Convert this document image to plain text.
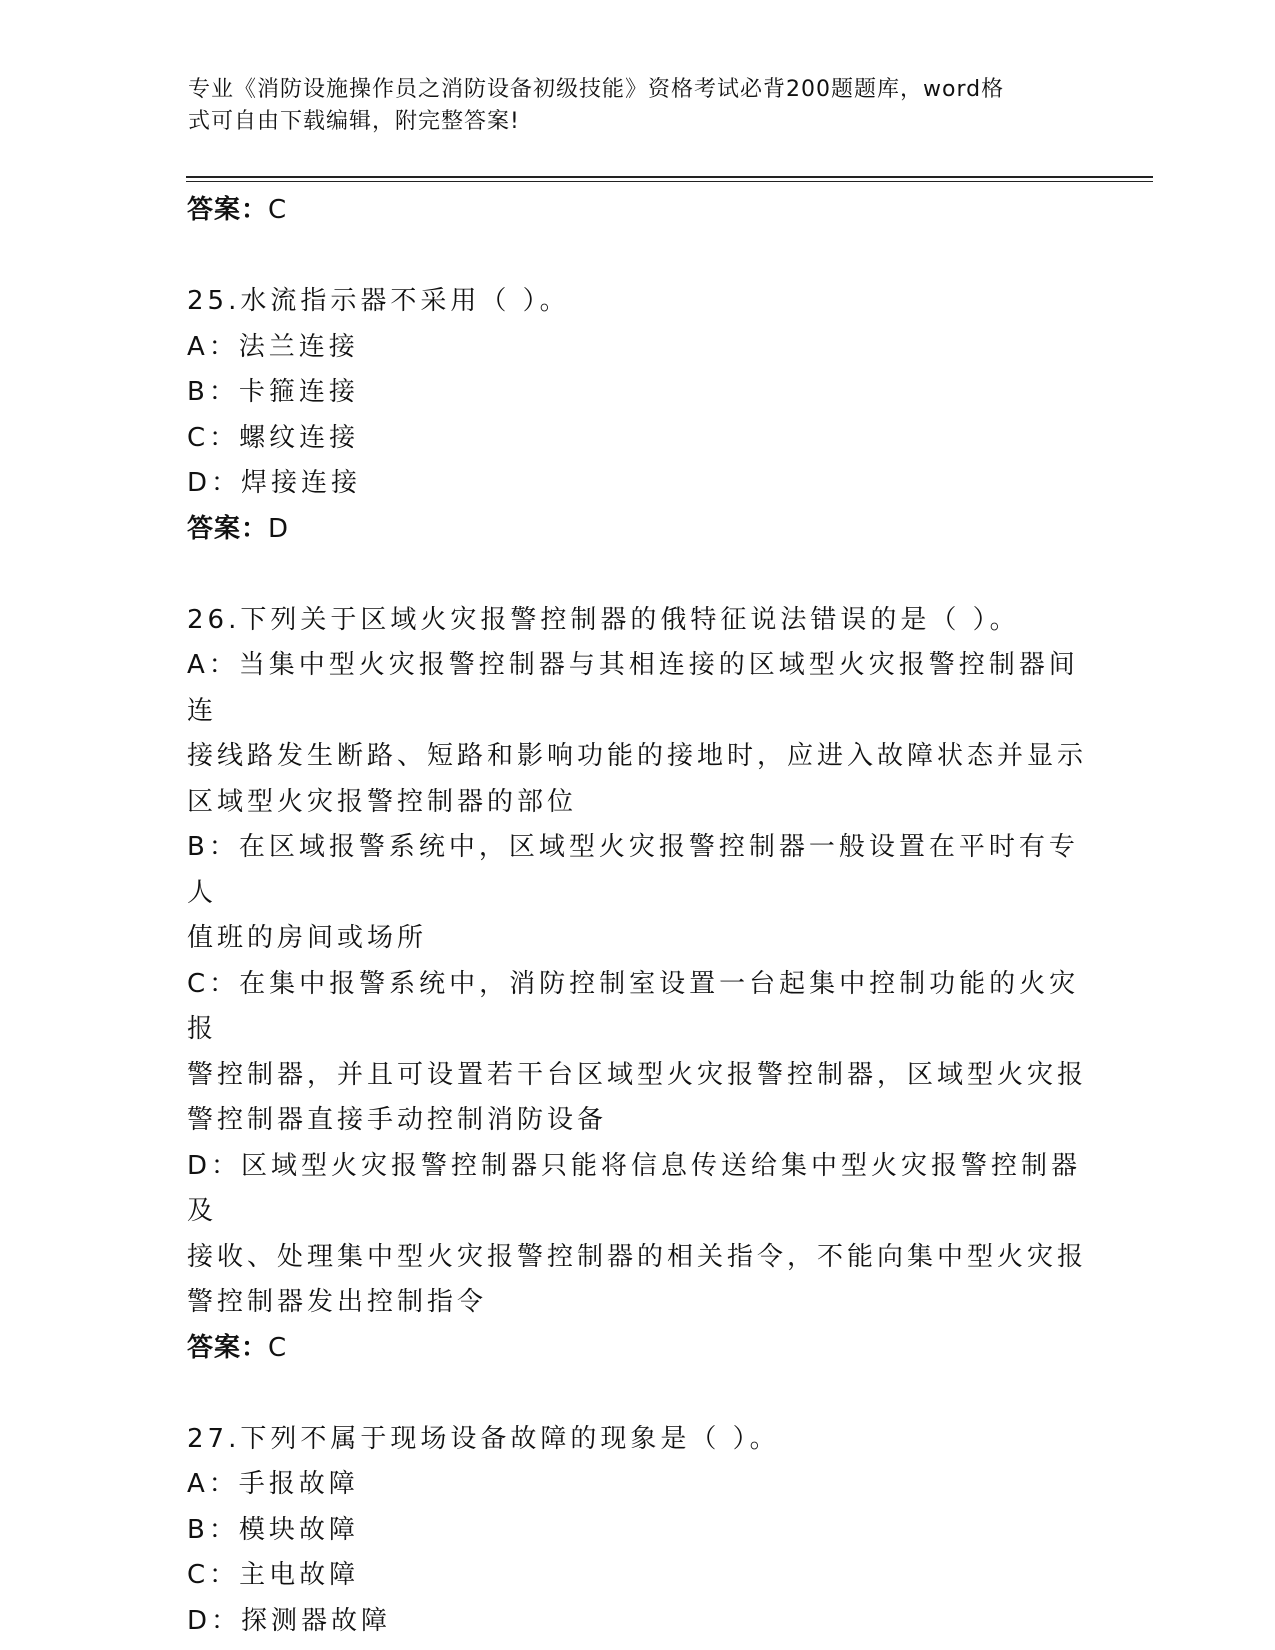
专业《消防设施操作员之消防设备初级技能》资格考试必背200题题库，word格
式可自由下载编辑，附完整答案!
答案：C
25.水流指示器不采用（ ）。
A：法兰连接
B：卡箍连接
C：螺纹连接
D：焊接连接
答案：D
26.下列关于区域火灾报警控制器的俄特征说法错误的是（ ）。
A：当集中型火灾报警控制器与其相连接的区域型火灾报警控制器间连
接线路发生断路、短路和影响功能的接地时，应进入故障状态并显示
区域型火灾报警控制器的部位
B：在区域报警系统中，区域型火灾报警控制器一般设置在平时有专人
值班的房间或场所
C：在集中报警系统中，消防控制室设置一台起集中控制功能的火灾报
警控制器，并且可设置若干台区域型火灾报警控制器，区域型火灾报
警控制器直接手动控制消防设备
D：区域型火灾报警控制器只能将信息传送给集中型火灾报警控制器及
接收、处理集中型火灾报警控制器的相关指令，不能向集中型火灾报
警控制器发出控制指令
答案：C
27.下列不属于现场设备故障的现象是（ ）。
A：手报故障
B：模块故障
C：主电故障
D：探测器故障
